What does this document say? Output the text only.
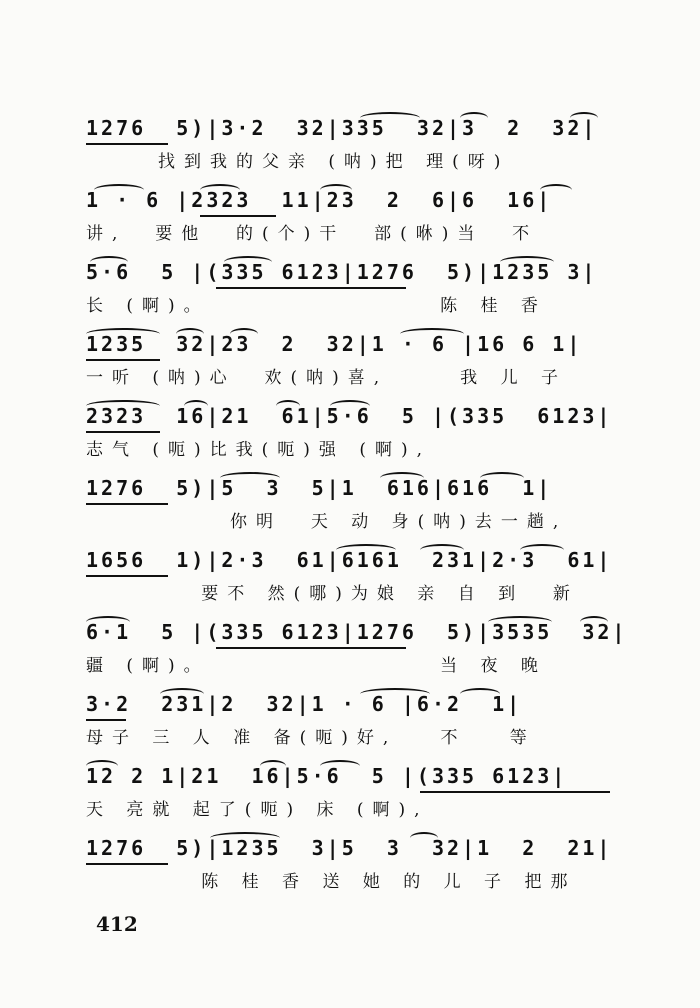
1276  5)|3·2  32|335  32|3  2  32|
找到我的父亲 (呐)把 理(呀)
1 · 6 |2323  11|23  2  6|6  16|
讲,  要他  的(个)干  部(咻)当  不
5·6  5 |(335 6123|1276  5)|1235 3|
长 (啊)。                陈 桂 香
1235  32|23  2  32|1 · 6 |16 6 1|
一听 (呐)心  欢(呐)喜,     我 儿 子
2323  16|21  61|5·6  5 |(335  6123|
志气 (呃)比我(呃)强 (啊),
1276  5)|5  3  5|1  616|616  1|
你明  天 动 身(呐)去一趟,
1656  1)|2·3  61|6161  231|2·3  61|
要不 然(哪)为娘 亲 自 到  新
6·1  5 |(335 6123|1276  5)|3535  32|
疆 (啊)。                当 夜 晚
3·2  231|2  32|1 · 6 |6·2  1|
母子 三 人 准 备(呃)好,   不   等
12 2 1|21  16|5·6  5 |(335 6123|
天 亮就 起了(呃) 床 (啊),
1276  5)|1235  3|5  3  32|1  2  21|
陈 桂 香 送 她 的 儿 子 把那
412
